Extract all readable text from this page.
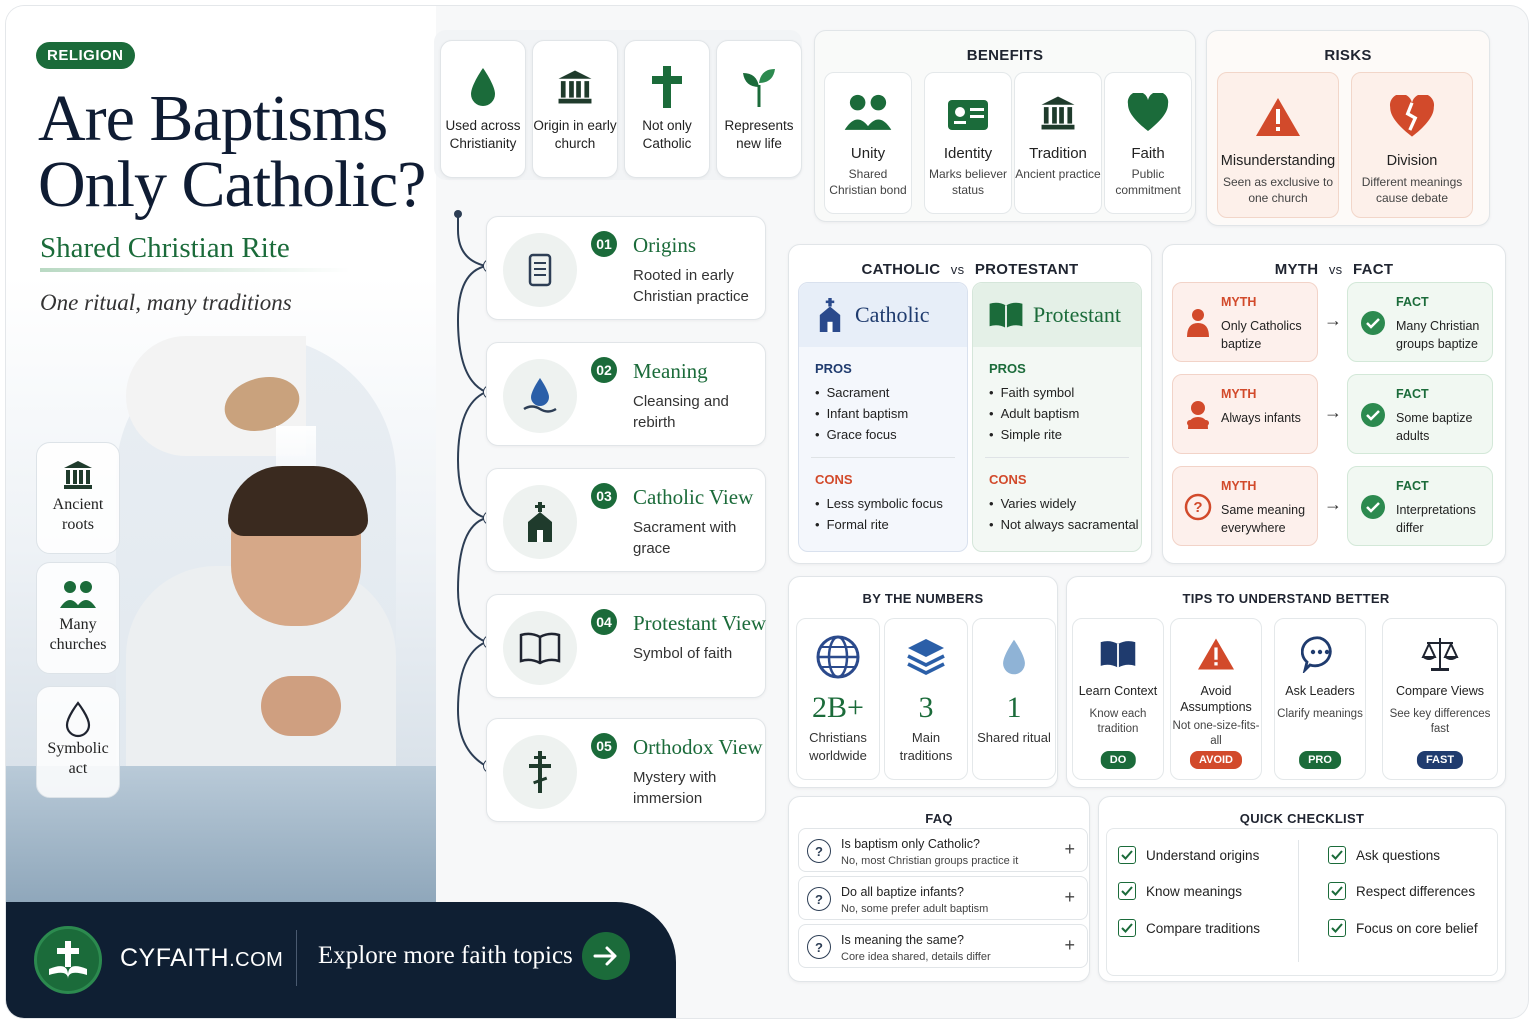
RELIGION
Are Baptisms
Only Catholic?
Shared Christian Rite
One ritual, many traditions
Ancient roots
Many churches
Symbolic act
CYFAITH.COM Explore more faith topics
Used across Christianity
Origin in early church
Not only Catholic
Represents new life
01 Origins
Rooted in early Christian practice
02 Meaning
Cleansing and rebirth
03 Catholic View
Sacrament with grace
04 Protestant View
Symbol of faith
05 Orthodox View
Mystery with immersion
BENEFITS
Unity
Shared Christian bond
Identity
Marks believer status
Tradition
Ancient practice
Faith
Public commitment
RISKS
Misunderstanding
Seen as exclusive to one church
Division
Different meanings cause debate
CATHOLIC vs PROTESTANT
Catholic
PROS
• Sacrament
• Infant baptism
• Grace focus
CONS
• Less symbolic focus
• Formal rite
Protestant
PROS
• Faith symbol
• Adult baptism
• Simple rite
CONS
• Varies widely
• Not always sacramental
MYTH vs FACT
MYTH
Only Catholics baptize
→
FACT
Many Christian groups baptize
MYTH
Always infants	→
FACT
Some baptize adults
?
MYTH
Same meaning everywhere
→
FACT
Interpretations differ
BY THE NUMBERS
2B+
Christians worldwide
3
Main traditions
1
Shared ritual
TIPS TO UNDERSTAND BETTER
Learn Context
Know each tradition
DO
Avoid Assumptions
Not one-size-fits-all
AVOID
Ask Leaders
Clarify meanings
PRO
Compare Views
See key differences fast
FAST
FAQ
?	Is baptism only Catholic?
No, most Christian groups practice it
+
?	Do all baptize infants?
No, some prefer adult baptism
+
?	Is meaning the same?
Core idea shared, details differ
+
QUICK CHECKLIST
Understand origins
Know meanings
Compare traditions
Ask questions
Respect differences
Focus on core belief
